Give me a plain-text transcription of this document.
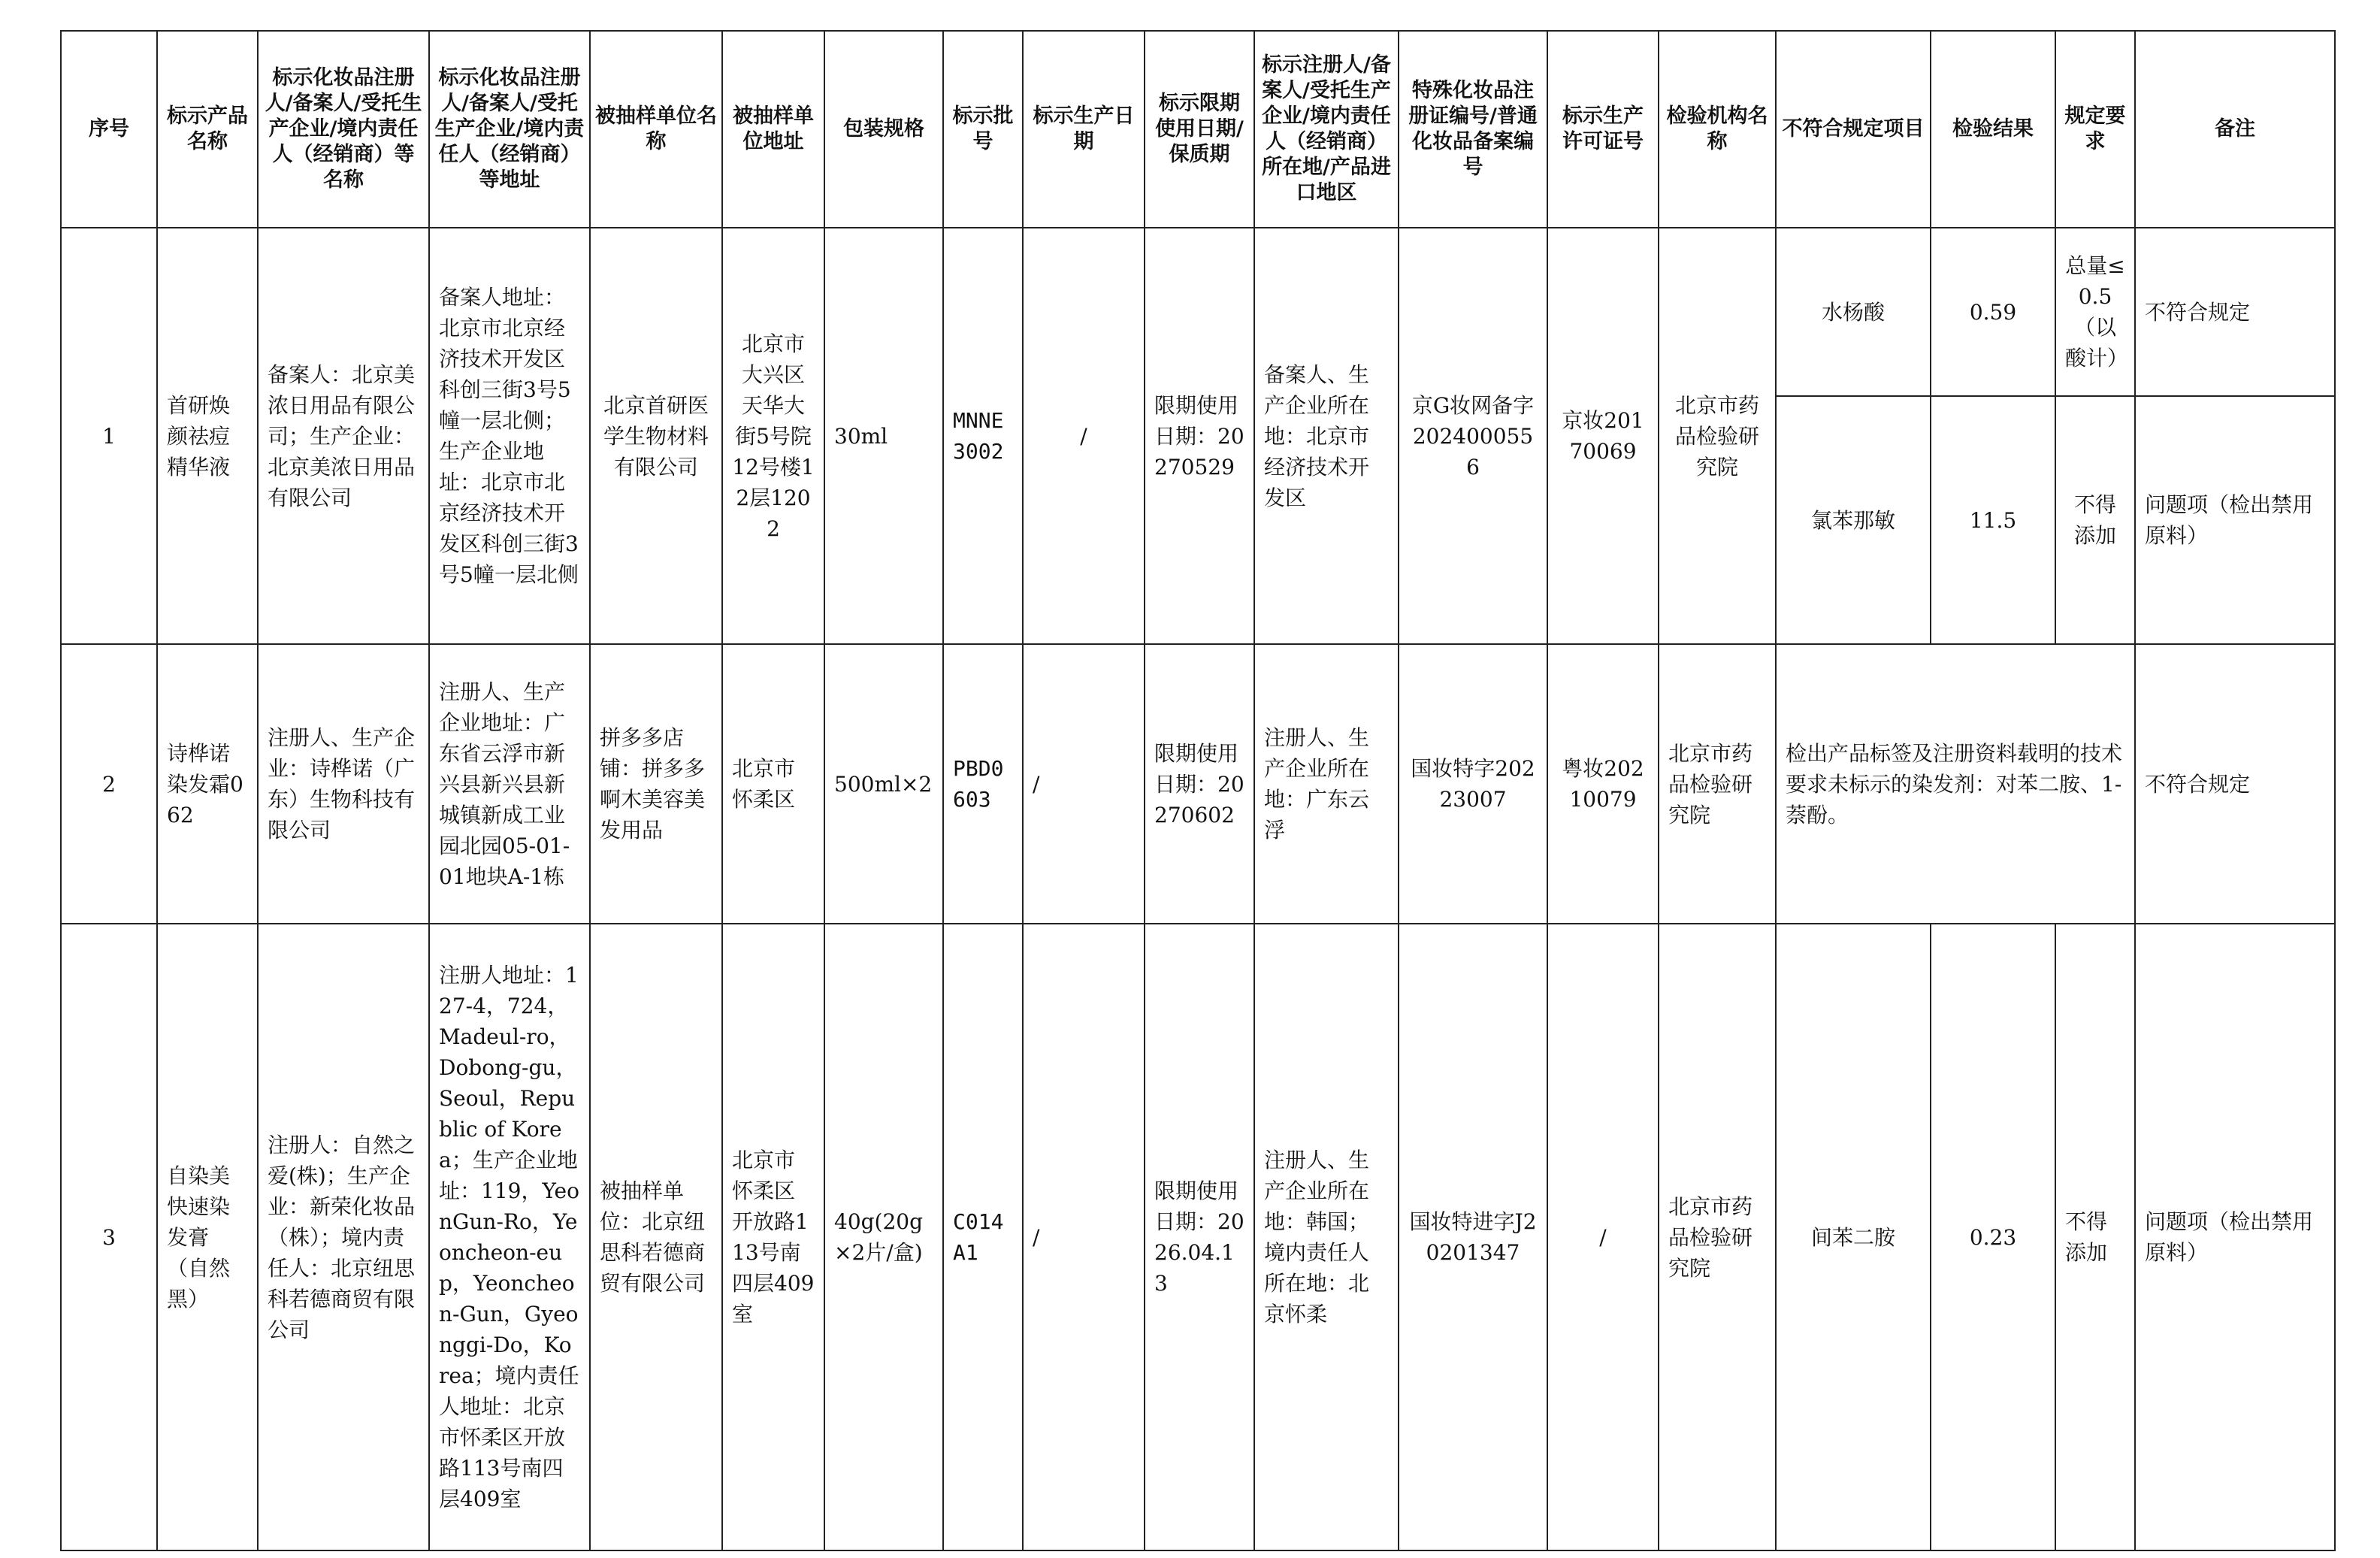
序号	标示产品名称	标示化妆品注册人/备案人/受托生产企业/境内责任人（经销商）等名称	标示化妆品注册人/备案人/受托生产企业/境内责任人（经销商）等地址	被抽样单位名称	被抽样单位地址	包装规格	标示批号	标示生产日期	标示限期使用日期/保质期	标示注册人/备案人/受托生产企业/境内责任人（经销商）所在地/产品进口地区	特殊化妆品注册证编号/普通化妆品备案编号	标示生产许可证号	检验机构名称	不符合规定项目	检验结果	规定要求	备注
1	首研焕颜祛痘精华液	备案人：北京美浓日用品有限公司；生产企业：北京美浓日用品有限公司	备案人地址：北京市北京经济技术开发区科创三街3号5幢一层北侧；生产企业地址：北京市北京经济技术开发区科创三街3号5幢一层北侧	北京首研医学生物材料有限公司	北京市大兴区天华大街5号院12号楼12层1202	30ml	MNNE3002	/	限期使用日期：20270529	备案人、生产企业所在地：北京市经济技术开发区	京G妆网备字2024000556	京妆20170069	北京市药品检验研究院	水杨酸	0.59	总量≤0.5（以酸计）	不符合规定
														氯苯那敏	11.5	不得添加	问题项（检出禁用原料）
2	诗桦诺染发霜062	注册人、生产企业：诗桦诺（广东）生物科技有限公司	注册人、生产企业地址：广东省云浮市新兴县新兴县新城镇新成工业园北园05-01-01地块A-1栋	拼多多店铺：拼多多啊木美容美发用品	北京市怀柔区	500ml×2	PBD0603	/	限期使用日期：20270602	注册人、生产企业所在地：广东云浮	国妆特字20223007	粤妆20210079	北京市药品检验研究院	检出产品标签及注册资料载明的技术要求未标示的染发剂：对苯二胺、1-萘酚。			不符合规定
3	自染美快速染发膏（自然黑）	注册人：自然之爱(株)；生产企业：新荣化妆品（株）；境内责任人：北京纽思科若德商贸有限公司	注册人地址：127-4，724，Madeul-ro，Dobong-gu，Seoul，Republic of Korea；生产企业地址：119，YeonGun-Ro，Yeoncheon-eup，Yeoncheon-Gun，Gyeonggi-Do，Korea；境内责任人地址：北京市怀柔区开放路113号南四层409室	被抽样单位：北京纽思科若德商贸有限公司	北京市怀柔区开放路113号南四层409室	40g(20g×2片/盒)	C014A1	/	限期使用日期：2026.04.13	注册人、生产企业所在地：韩国；境内责任人所在地：北京怀柔	国妆特进字J20201347	/	北京市药品检验研究院	间苯二胺	0.23	不得添加	问题项（检出禁用原料）
